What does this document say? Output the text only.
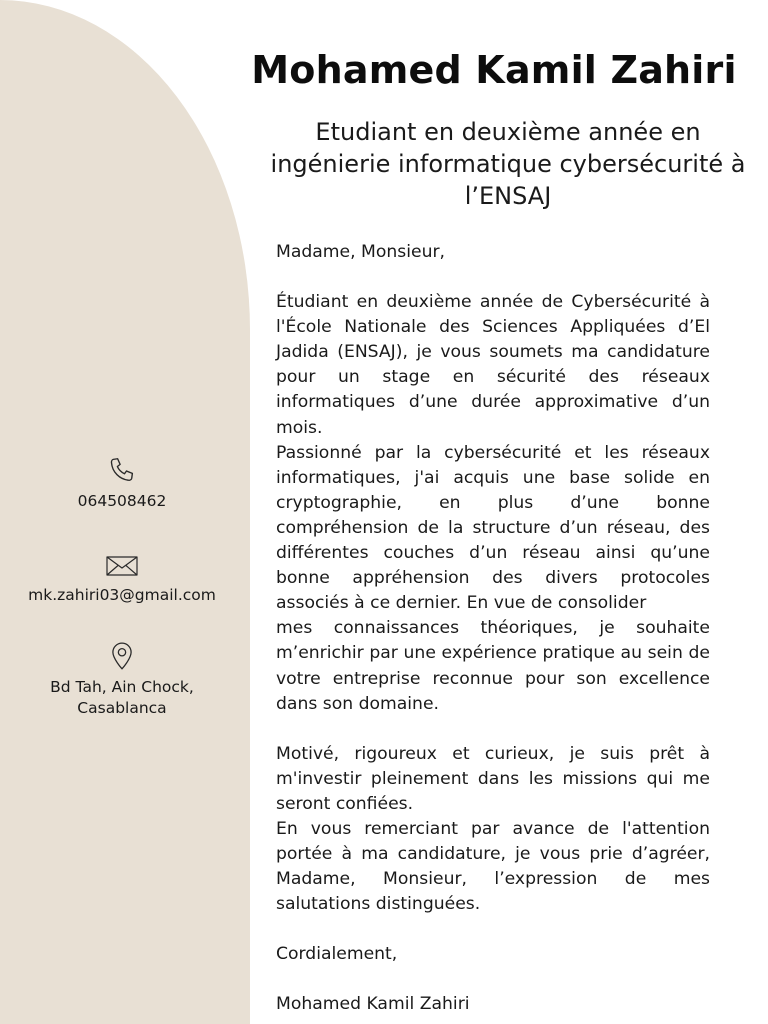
Mohamed Kamil Zahiri

Etudiant en deuxième année en ingénierie informatique cybersécurité à l’ENSAJ

064508462
mk.zahiri03@gmail.com
Bd Tah, Ain Chock,
Casablanca

Madame, Monsieur,

Étudiant en deuxième année de Cybersécurité à l'École Nationale des Sciences Appliquées d’El Jadida (ENSAJ), je vous soumets ma candidature pour un stage en sécurité des réseaux informatiques d’une durée approximative d’un mois.

Passionné par la cybersécurité et les réseaux informatiques, j'ai acquis une base solide en cryptographie, en plus d’une bonne compréhension de la structure d’un réseau, des différentes couches d’un réseau ainsi qu’une bonne appréhension des divers protocoles associés à ce dernier. En vue de consolider

mes connaissances théoriques, je souhaite m’enrichir par une expérience pratique au sein de votre entreprise reconnue pour son excellence dans son domaine.

Motivé, rigoureux et curieux, je suis prêt à m'investir pleinement dans les missions qui me seront confiées.

En vous remerciant par avance de l'attention portée à ma candidature, je vous prie d’agréer, Madame, Monsieur, l’expression de mes salutations distinguées.

Cordialement,

Mohamed Kamil Zahiri
